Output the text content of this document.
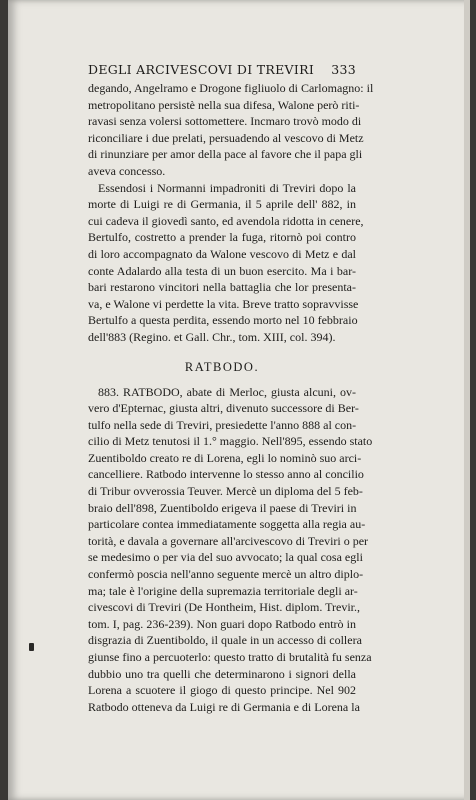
DEGLI ARCIVESCOVI DI TREVIRI 333
degando, Angelramo e Drogone figliuolo di Carlomagno: il
metropolitano persistè nella sua difesa, Walone però riti-
ravasi senza volersi sottomettere. Incmaro trovò modo di
riconciliare i due prelati, persuadendo al vescovo di Metz
di rinunziare per amor della pace al favore che il papa gli
aveva concesso.
Essendosi i Normanni impadroniti di Treviri dopo la
morte di Luigi re di Germania, il 5 aprile dell' 882, in
cui cadeva il giovedì santo, ed avendola ridotta in cenere,
Bertulfo, costretto a prender la fuga, ritornò poi contro
di loro accompagnato da Walone vescovo di Metz e dal
conte Adalardo alla testa di un buon esercito. Ma i bar-
bari restarono vincitori nella battaglia che lor presenta-
va, e Walone vi perdette la vita. Breve tratto sopravvisse
Bertulfo a questa perdita, essendo morto nel 10 febbraio
dell'883 (Regino. et Gall. Chr., tom. XIII, col. 394).
RATBODO.
883. RATBODO, abate di Merloc, giusta alcuni, ov-
vero d'Epternac, giusta altri, divenuto successore di Ber-
tulfo nella sede di Treviri, presiedette l'anno 888 al con-
cilio di Metz tenutosi il 1.° maggio. Nell'895, essendo stato
Zuentiboldo creato re di Lorena, egli lo nominò suo arci-
cancelliere. Ratbodo intervenne lo stesso anno al concilio
di Tribur ovverossia Teuver. Mercè un diploma del 5 feb-
braio dell'898, Zuentiboldo erigeva il paese di Treviri in
particolare contea immediatamente soggetta alla regia au-
torità, e davala a governare all'arcivescovo di Treviri o per
se medesimo o per via del suo avvocato; la qual cosa egli
confermò poscia nell'anno seguente mercè un altro diplo-
ma; tale è l'origine della supremazia territoriale degli ar-
civescovi di Treviri (De Hontheim, Hist. diplom. Trevir.,
tom. I, pag. 236-239). Non guari dopo Ratbodo entrò in
disgrazia di Zuentiboldo, il quale in un accesso di collera
giunse fino a percuoterlo: questo tratto di brutalità fu senza
dubbio uno tra quelli che determinarono i signori della
Lorena a scuotere il giogo di questo principe. Nel 902
Ratbodo otteneva da Luigi re di Germania e di Lorena la
